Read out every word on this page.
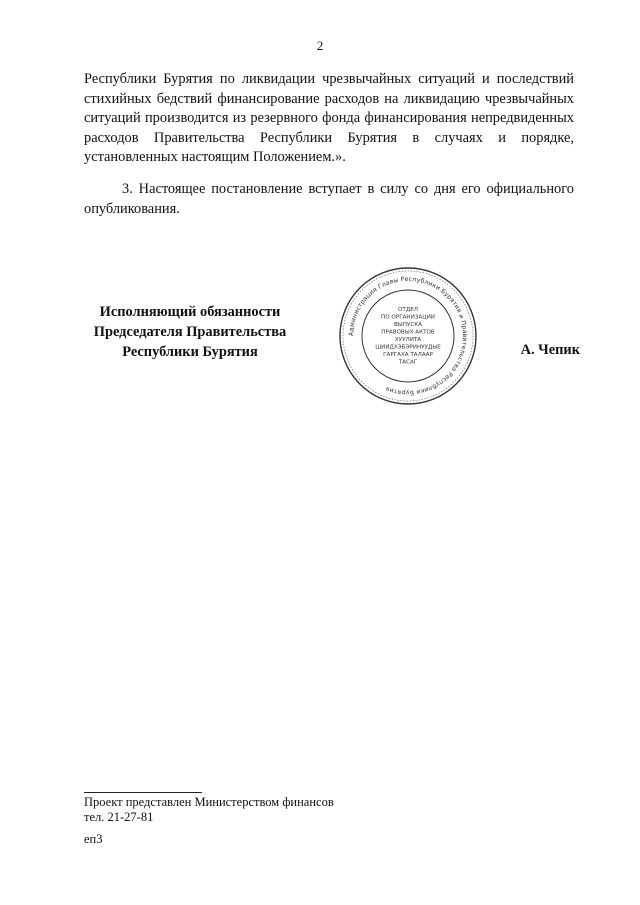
2
Республики Бурятия по ликвидации чрезвычайных ситуаций и последствий стихийных бедствий финансирование расходов на ликвидацию чрезвычайных ситуаций производится из резервного фонда финансирования непредвиденных расходов Правительства Республики Бурятия в случаях и порядке, установленных настоящим Положением.».
3. Настоящее постановление вступает в силу со дня его официального опубликования.
Исполняющий обязанности
Председателя Правительства
Республики Бурятия
Администрация Главы Республики Бурятия и Правительства Республики Бурятия
ОТДЕЛ
ПО ОРГАНИЗАЦИИ
ВЫПУСКА
ПРАВОВЫХ АКТОВ
ХУУЛИТА
ШИИДХЭБЭРИНУУДЫЕ
ГАРГАХА ТАЛААР
ТАСАГ
А. Чепик
Проект представлен Министерством финансов
тел. 21-27-81
еп3
